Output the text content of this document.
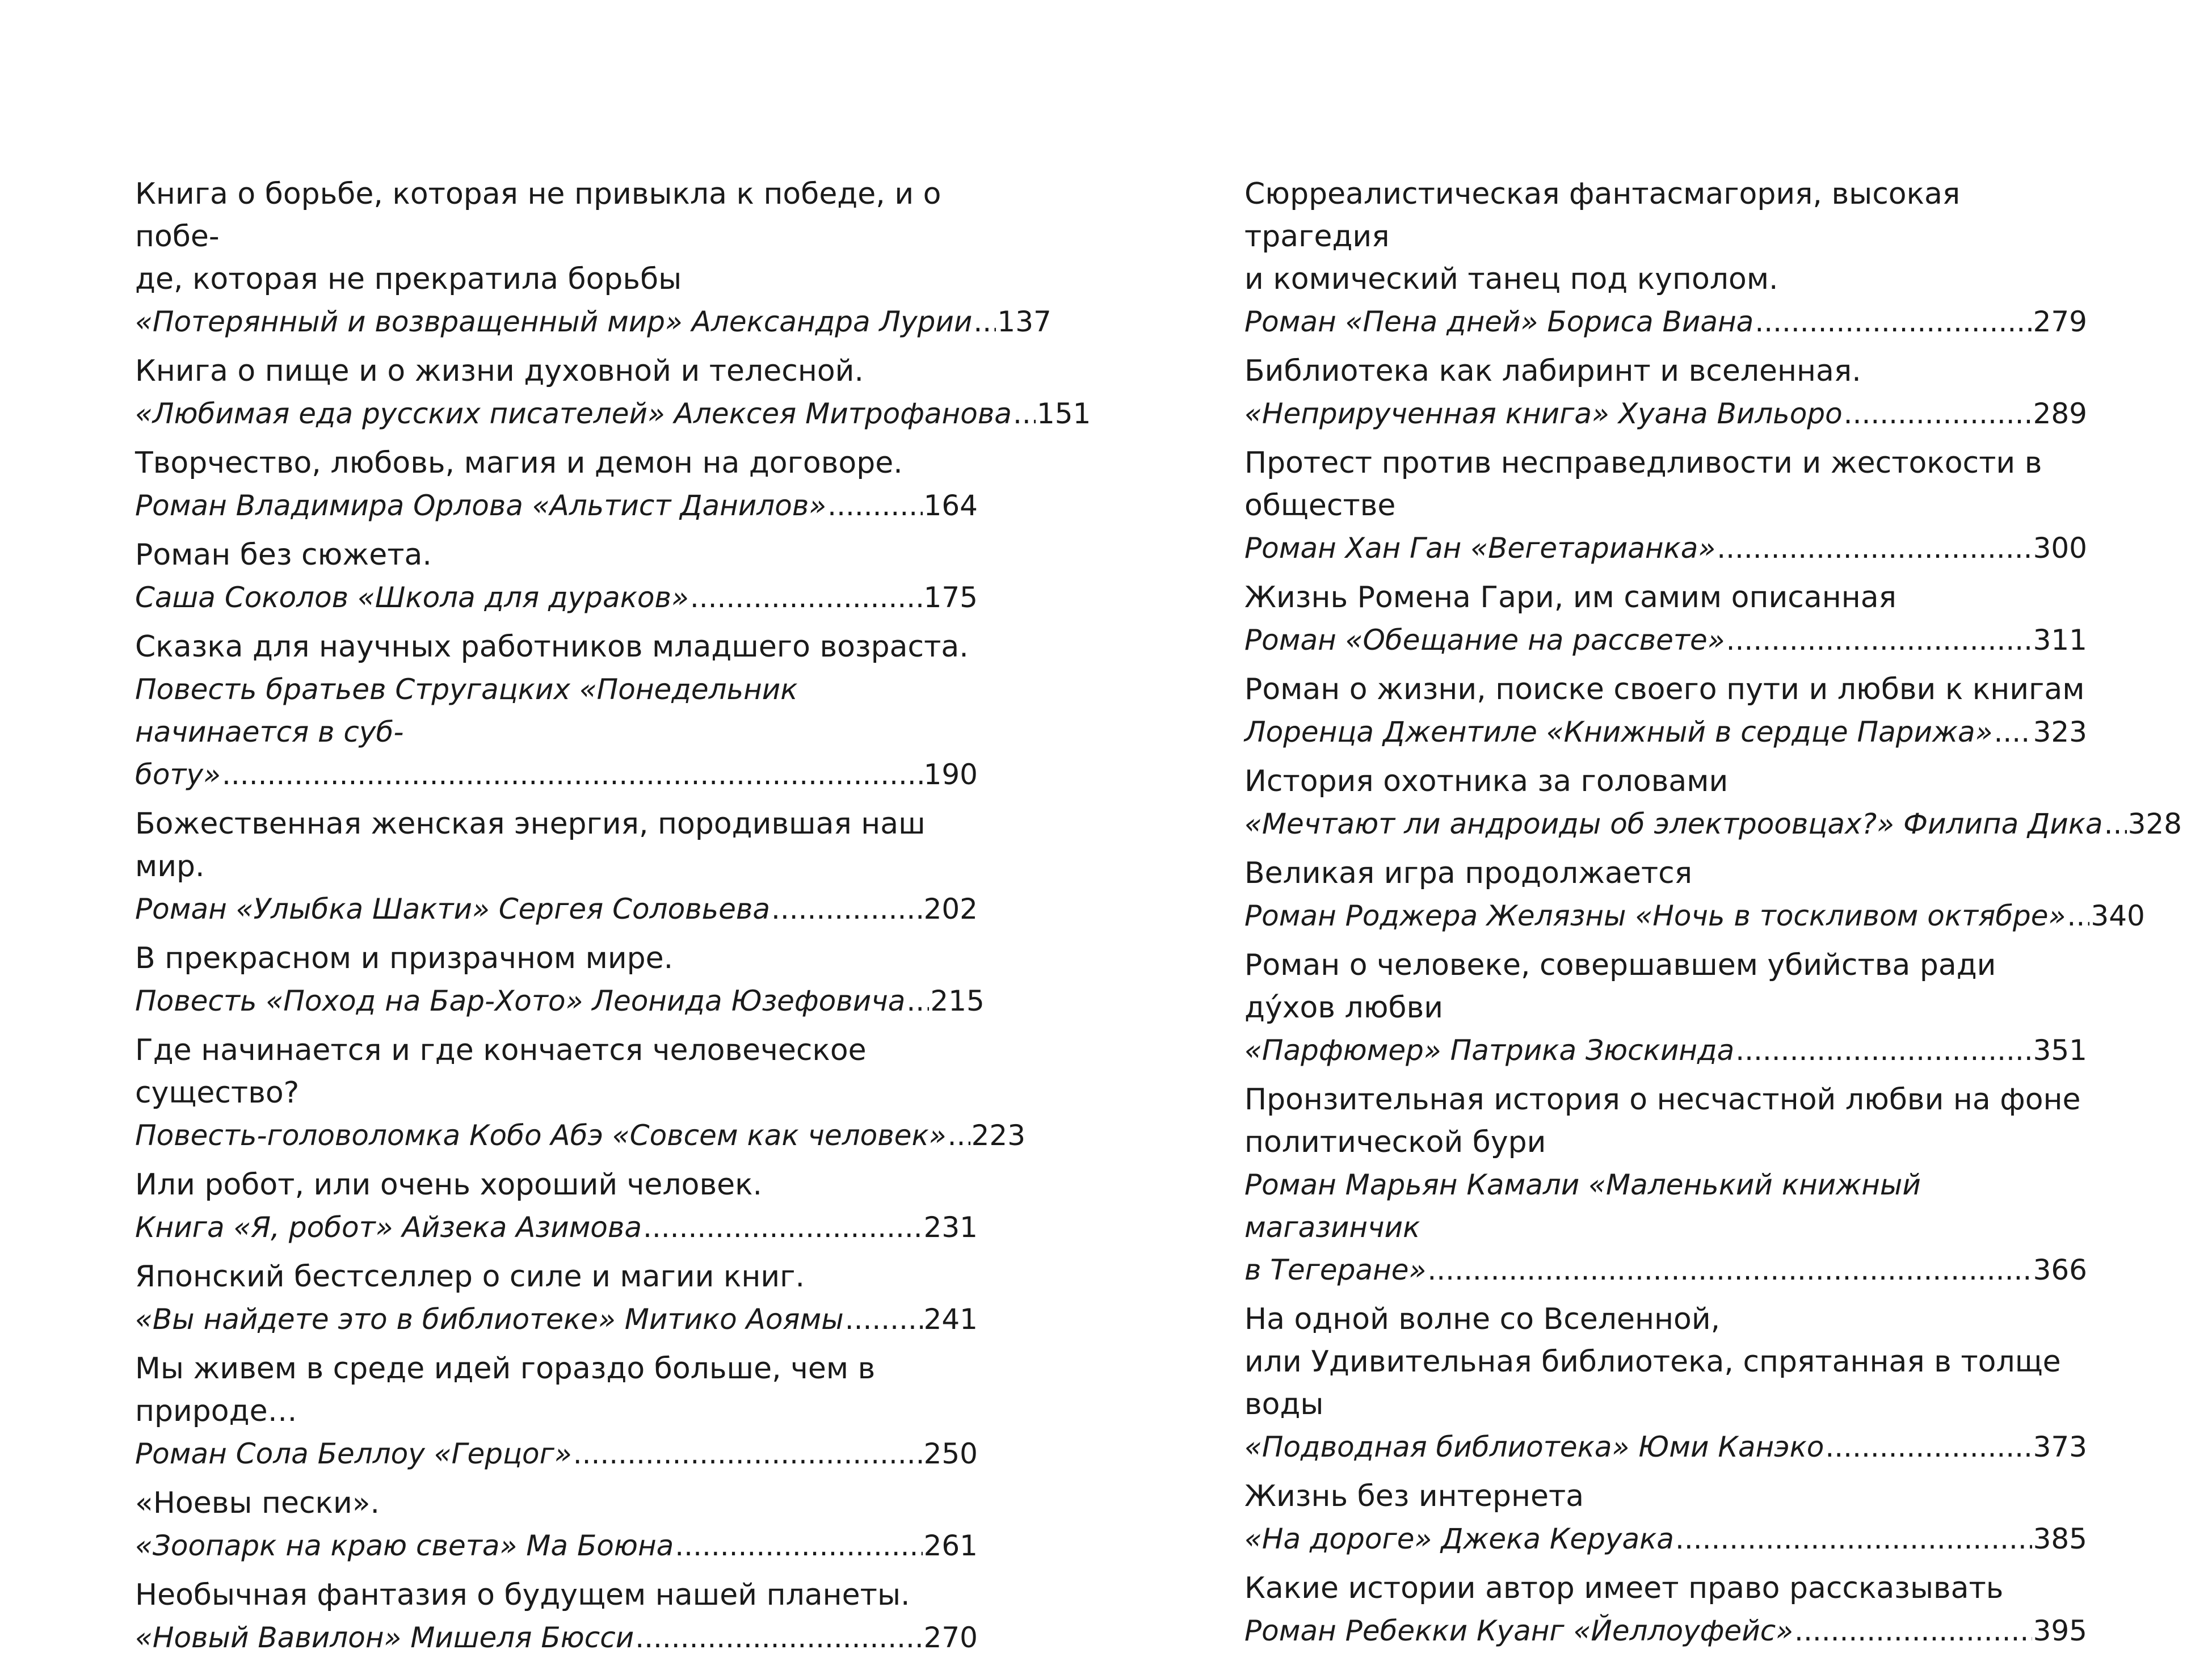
Книга о борьбе, которая не привыкла к победе, и о побе-
де, которая не прекратила борьбы
«Потерянный и возвращенный мир» Александра Лурии ..... 137
Книга о пище и о жизни духовной и телесной.
«Любимая еда русских писателей» Алексея Митрофанова ..... 151
Творчество, любовь, магия и демон на договоре.
Роман Владимира Орлова «Альтист Данилов» .....	164
Роман без сюжета.
Саша Соколов «Школа для дураков» .....	175
Сказка для научных работников младшего возраста.
Повесть братьев Стругацких «Понедельник начинается в суб-
боту» .....	190
Божественная женская энергия, породившая наш мир.
Роман «Улыбка Шакти» Сергея Соловьева .....	202
В прекрасном и призрачном мире.
Повесть «Поход на Бар-Хото» Леонида Юзефовича ..... 215
Где начинается и где кончается человеческое существо?
Повесть-головоломка Кобо Абэ «Совсем как человек» ..... 223
Или робот, или очень хороший человек.
Книга «Я, робот» Айзека Азимова .....	231
Японский бестселлер о силе и магии книг.
«Вы найдете это в библиотеке» Митико Аоямы .....	241
Мы живем в среде идей гораздо больше, чем в природе…
Роман Сола Беллоу «Герцог» .....	250
«Ноевы пески».
«Зоопарк на краю света» Ма Боюна .....	261
Необычная фантазия о будущем нашей планеты.
«Новый Вавилон» Мишеля Бюсси .....	270
Сюрреалистическая фантасмагория, высокая трагедия
и комический танец под куполом.
Роман «Пена дней» Бориса Виана .....	279
Библиотека как лабиринт и вселенная.
«Неприрученная книга» Хуана Вильоро .....	289
Протест против несправедливости и жестокости в обществе
Роман Хан Ган «Вегетарианка» .....	300
Жизнь Ромена Гари, им самим описанная
Роман «Обещание на рассвете» .....	311
Роман о жизни, поиске своего пути и любви к книгам
Лоренца Джентиле «Книжный в сердце Парижа» ..... 323
История охотника за головами
«Мечтают ли андроиды об электроовцах?» Филипа Дика ..... 328
Великая игра продолжается
Роман Роджера Желязны «Ночь в тоскливом октябре» ..... 340
Роман о человеке, совершавшем убийства ради ду́хов любви
«Парфюмер» Патрика Зюскинда .....	351
Пронзительная история о несчастной любви на фоне
политической бури
Роман Марьян Камали «Маленький книжный магазинчик
в Тегеране» .....	366
На одной волне со Вселенной,
или Удивительная библиотека, спрятанная в толще воды
«Подводная библиотека» Юми Канэко .....	373
Жизнь без интернета
«На дороге» Джека Керуака .....	385
Какие истории автор имеет право рассказывать
Роман Ребекки Куанг «Йеллоуфейс» .....	395
